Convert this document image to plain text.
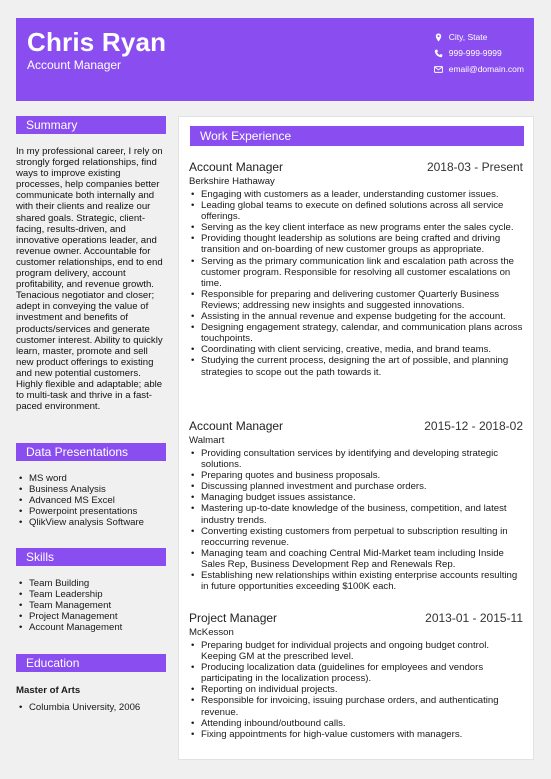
Chris Ryan
Account Manager
City, State
999-999-9999
email@domain.com
Summary
In my professional career, I rely on strongly forged relationships, find ways to improve existing processes, help companies better communicate both internally and with their clients and realize our shared goals. Strategic, client-facing, results-driven, and innovative operations leader, and revenue owner. Accountable for customer relationships, end to end program delivery, account profitability, and revenue growth. Tenacious negotiator and closer; adept in conveying the value of investment and benefits of products/services and generate customer interest. Ability to quickly learn, master, promote and sell new product offerings to existing and new potential customers. Highly flexible and adaptable; able to multi-task and thrive in a fast-paced environment.
Data Presentations
• MS word
• Business Analysis
• Advanced MS Excel
• Powerpoint presentations
• QlikView analysis Software
Skills
• Team Building
• Team Leadership
• Team Management
• Project Management
• Account Management
Education
Master of Arts
• Columbia University, 2006
Work Experience
Account Manager	2018-03 - Present
Berkshire Hathaway
• Engaging with customers as a leader, understanding customer issues.
• Leading global teams to execute on defined solutions across all service offerings.
• Serving as the key client interface as new programs enter the sales cycle.
• Providing thought leadership as solutions are being crafted and driving transition and on-boarding of new customer groups as appropriate.
• Serving as the primary communication link and escalation path across the customer program. Responsible for resolving all customer escalations on time.
• Responsible for preparing and delivering customer Quarterly Business Reviews; addressing new insights and suggested innovations.
• Assisting in the annual revenue and expense budgeting for the account.
• Designing engagement strategy, calendar, and communication plans across touchpoints.
• Coordinating with client servicing, creative, media, and brand teams.
• Studying the current process, designing the art of possible, and planning strategies to scope out the path towards it.
Account Manager	2015-12 - 2018-02
Walmart
• Providing consultation services by identifying and developing strategic solutions.
• Preparing quotes and business proposals.
• Discussing planned investment and purchase orders.
• Managing budget issues assistance.
• Mastering up-to-date knowledge of the business, competition, and latest industry trends.
• Converting existing customers from perpetual to subscription resulting in reoccurring revenue.
• Managing team and coaching Central Mid-Market team including Inside Sales Rep, Business Development Rep and Renewals Rep.
• Establishing new relationships within existing enterprise accounts resulting in future opportunities exceeding $100K each.
Project Manager	2013-01 - 2015-11
McKesson
• Preparing budget for individual projects and ongoing budget control. Keeping GM at the prescribed level.
• Producing localization data (guidelines for employees and vendors participating in the localization process).
• Reporting on individual projects.
• Responsible for invoicing, issuing purchase orders, and authenticating revenue.
• Attending inbound/outbound calls.
• Fixing appointments for high-value customers with managers.
